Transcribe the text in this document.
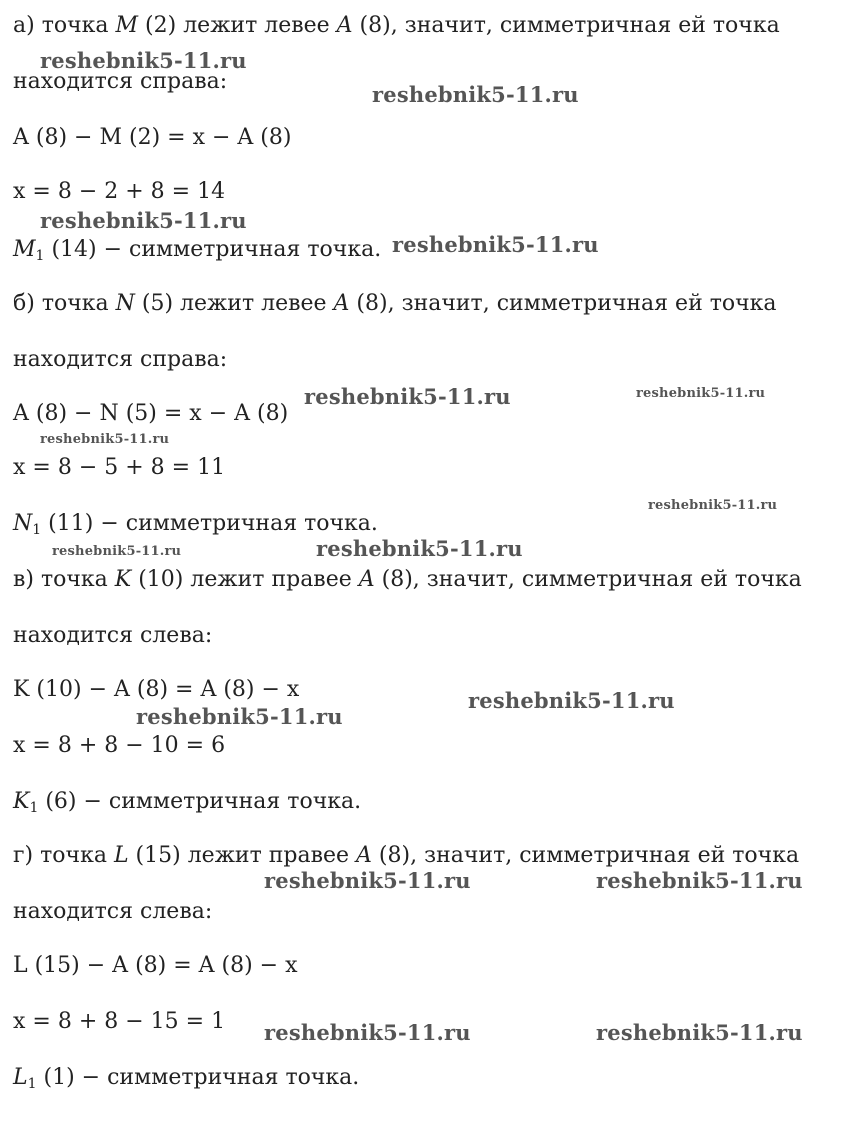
а) точка M (2) лежит левее A (8), значит, симметричная ей точка
находится справа:
A (8) − M (2) = x − A (8)
x = 8 − 2 + 8 = 14
$M_1$ (14) − симметричная точка.
б) точка N (5) лежит левее A (8), значит, симметричная ей точка
находится справа:
A (8) − N (5) = x − A (8)
x = 8 − 5 + 8 = 11
$N_1$ (11) − симметричная точка.
в) точка K (10) лежит правее A (8), значит, симметричная ей точка
находится слева:
K (10) − A (8) = A (8) − x
x = 8 + 8 − 10 = 6
$K_1$ (6) − симметричная точка.
г) точка L (15) лежит правее A (8), значит, симметричная ей точка
находится слева:
L (15) − A (8) = A (8) − x
x = 8 + 8 − 15 = 1
$L_1$ (1) − симметричная точка.
reshebnik5-11.ru
reshebnik5-11.ru
reshebnik5-11.ru
reshebnik5-11.ru
reshebnik5-11.ru	reshebnik5-11.ru
reshebnik5-11.ru
reshebnik5-11.ru
reshebnik5-11.ru	reshebnik5-11.ru
reshebnik5-11.ru
reshebnik5-11.ru
reshebnik5-11.ru	reshebnik5-11.ru
reshebnik5-11.ru	reshebnik5-11.ru
